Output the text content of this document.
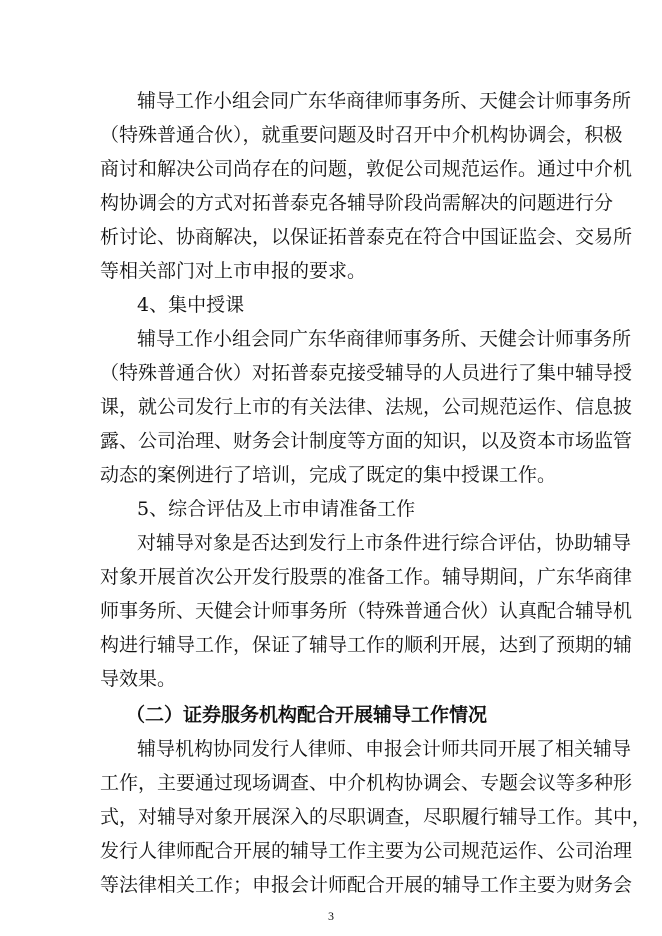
辅导工作小组会同广东华商律师事务所、天健会计师事务所
（特殊普通合伙），就重要问题及时召开中介机构协调会，积极
商讨和解决公司尚存在的问题，敦促公司规范运作。通过中介机
构协调会的方式对拓普泰克各辅导阶段尚需解决的问题进行分
析讨论、协商解决，以保证拓普泰克在符合中国证监会、交易所
等相关部门对上市申报的要求。
4、集中授课
辅导工作小组会同广东华商律师事务所、天健会计师事务所
（特殊普通合伙）对拓普泰克接受辅导的人员进行了集中辅导授
课，就公司发行上市的有关法律、法规，公司规范运作、信息披
露、公司治理、财务会计制度等方面的知识，以及资本市场监管
动态的案例进行了培训，完成了既定的集中授课工作。
5、综合评估及上市申请准备工作
对辅导对象是否达到发行上市条件进行综合评估，协助辅导
对象开展首次公开发行股票的准备工作。辅导期间，广东华商律
师事务所、天健会计师事务所（特殊普通合伙）认真配合辅导机
构进行辅导工作，保证了辅导工作的顺利开展，达到了预期的辅
导效果。
（二）证券服务机构配合开展辅导工作情况
辅导机构协同发行人律师、申报会计师共同开展了相关辅导
工作，主要通过现场调查、中介机构协调会、专题会议等多种形
式，对辅导对象开展深入的尽职调查，尽职履行辅导工作。其中，
发行人律师配合开展的辅导工作主要为公司规范运作、公司治理
等法律相关工作；申报会计师配合开展的辅导工作主要为财务会
3
